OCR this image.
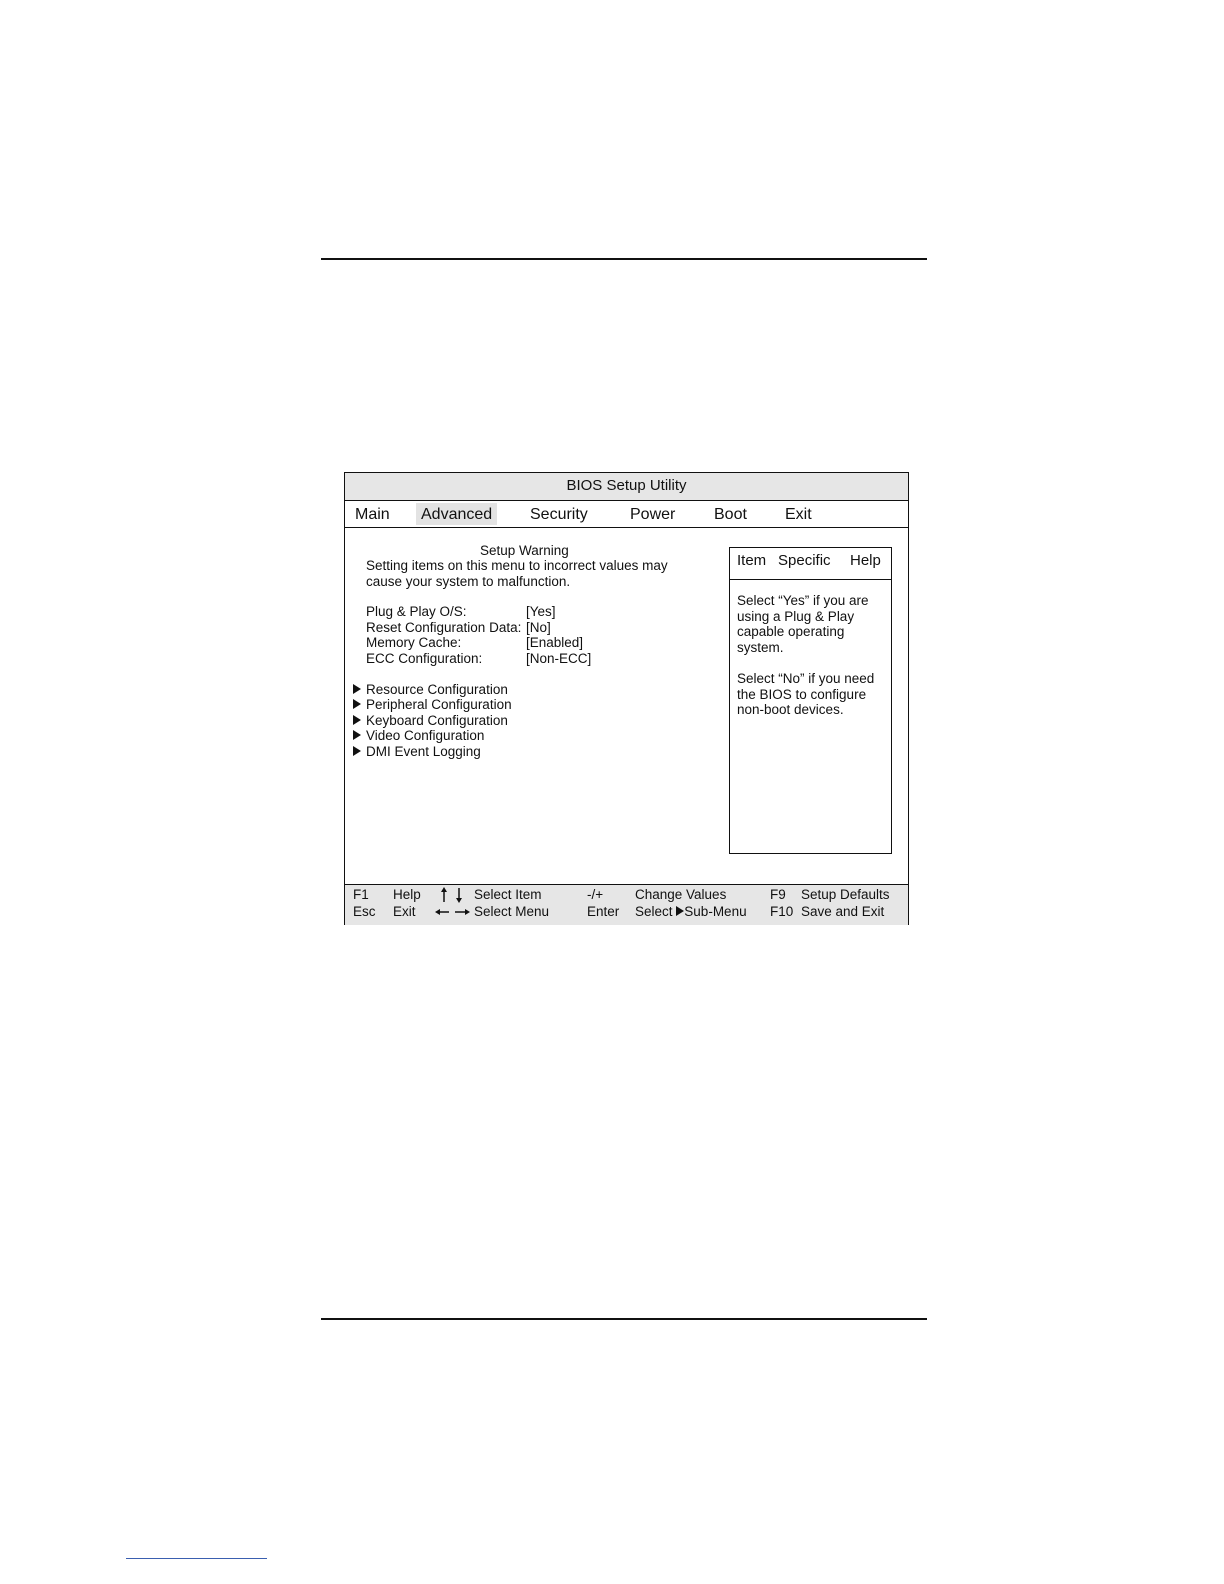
BIOS Setup Utility
Main	Advanced	Security	Power Boot Exit
Setup Warning
Setting items on this menu to incorrect values may
cause your system to malfunction.
Plug & Play O/S:	[Yes]
Reset Configuration Data: [No]
Memory Cache:	[Enabled]
ECC Configuration:	[Non-ECC]
Resource Configuration
Peripheral Configuration
Keyboard Configuration
Video Configuration
DMI Event Logging
Item Specific Help
Select “Yes” if you are
using a Plug & Play
capable operating
system.
Select “No” if you need
the BIOS to configure
non-boot devices.
F1 Help	Select Item	-/+ Change Values	F9 Setup Defaults
Esc Exit	Select Menu	Enter Select Sub-Menu F10 Save and Exit
